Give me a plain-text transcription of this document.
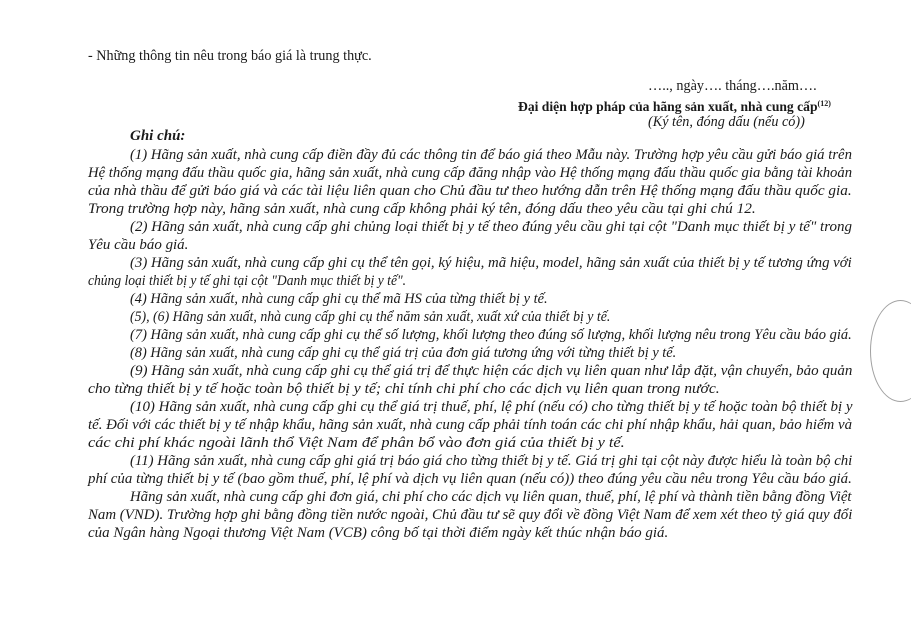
- Những thông tin nêu trong báo giá là trung thực.
….., ngày…. tháng….năm….
Đại diện hợp pháp của hãng sản xuất, nhà cung cấp$^{(12)}$
(Ký tên, đóng dấu (nếu có))
Ghi chú:
(1) Hãng sản xuất, nhà cung cấp điền đầy đủ các thông tin để báo giá theo Mẫu này. Trường hợp yêu cầu gửi báo giá trên
Hệ thống mạng đấu thầu quốc gia, hãng sản xuất, nhà cung cấp đăng nhập vào Hệ thống mạng đấu thầu quốc gia bằng tài khoản
của nhà thầu để gửi báo giá và các tài liệu liên quan cho Chủ đầu tư theo hướng dẫn trên Hệ thống mạng đấu thầu quốc gia.
Trong trường hợp này, hãng sản xuất, nhà cung cấp không phải ký tên, đóng dấu theo yêu cầu tại ghi chú 12.
(2) Hãng sản xuất, nhà cung cấp ghi chủng loại thiết bị y tế theo đúng yêu cầu ghi tại cột "Danh mục thiết bị y tế" trong
Yêu cầu báo giá.
(3) Hãng sản xuất, nhà cung cấp ghi cụ thể tên gọi, ký hiệu, mã hiệu, model, hãng sản xuất của thiết bị y tế tương ứng với
chủng loại thiết bị y tế ghi tại cột "Danh mục thiết bị y tế".
(4) Hãng sản xuất, nhà cung cấp ghi cụ thể mã HS của từng thiết bị y tế.
(5), (6) Hãng sản xuất, nhà cung cấp ghi cụ thể năm sản xuất, xuất xứ của thiết bị y tế.
(7) Hãng sản xuất, nhà cung cấp ghi cụ thể số lượng, khối lượng theo đúng số lượng, khối lượng nêu trong Yêu cầu báo giá.
(8) Hãng sản xuất, nhà cung cấp ghi cụ thể giá trị của đơn giá tương ứng với từng thiết bị y tế.
(9) Hãng sản xuất, nhà cung cấp ghi cụ thể giá trị để thực hiện các dịch vụ liên quan như lắp đặt, vận chuyển, bảo quản
cho từng thiết bị y tế hoặc toàn bộ thiết bị y tế; chỉ tính chi phí cho các dịch vụ liên quan trong nước.
(10) Hãng sản xuất, nhà cung cấp ghi cụ thể giá trị thuế, phí, lệ phí (nếu có) cho từng thiết bị y tế hoặc toàn bộ thiết bị y
tế. Đối với các thiết bị y tế nhập khẩu, hãng sản xuất, nhà cung cấp phải tính toán các chi phí nhập khẩu, hải quan, bảo hiểm và
các chi phí khác ngoài lãnh thổ Việt Nam để phân bổ vào đơn giá của thiết bị y tế.
(11) Hãng sản xuất, nhà cung cấp ghi giá trị báo giá cho từng thiết bị y tế. Giá trị ghi tại cột này được hiểu là toàn bộ chi
phí của từng thiết bị y tế (bao gồm thuế, phí, lệ phí và dịch vụ liên quan (nếu có)) theo đúng yêu cầu nêu trong Yêu cầu báo giá.
Hãng sản xuất, nhà cung cấp ghi đơn giá, chi phí cho các dịch vụ liên quan, thuế, phí, lệ phí và thành tiền bằng đồng Việt
Nam (VND). Trường hợp ghi bằng đồng tiền nước ngoài, Chủ đầu tư sẽ quy đổi về đồng Việt Nam để xem xét theo tỷ giá quy đổi
của Ngân hàng Ngoại thương Việt Nam (VCB) công bố tại thời điểm ngày kết thúc nhận báo giá.
